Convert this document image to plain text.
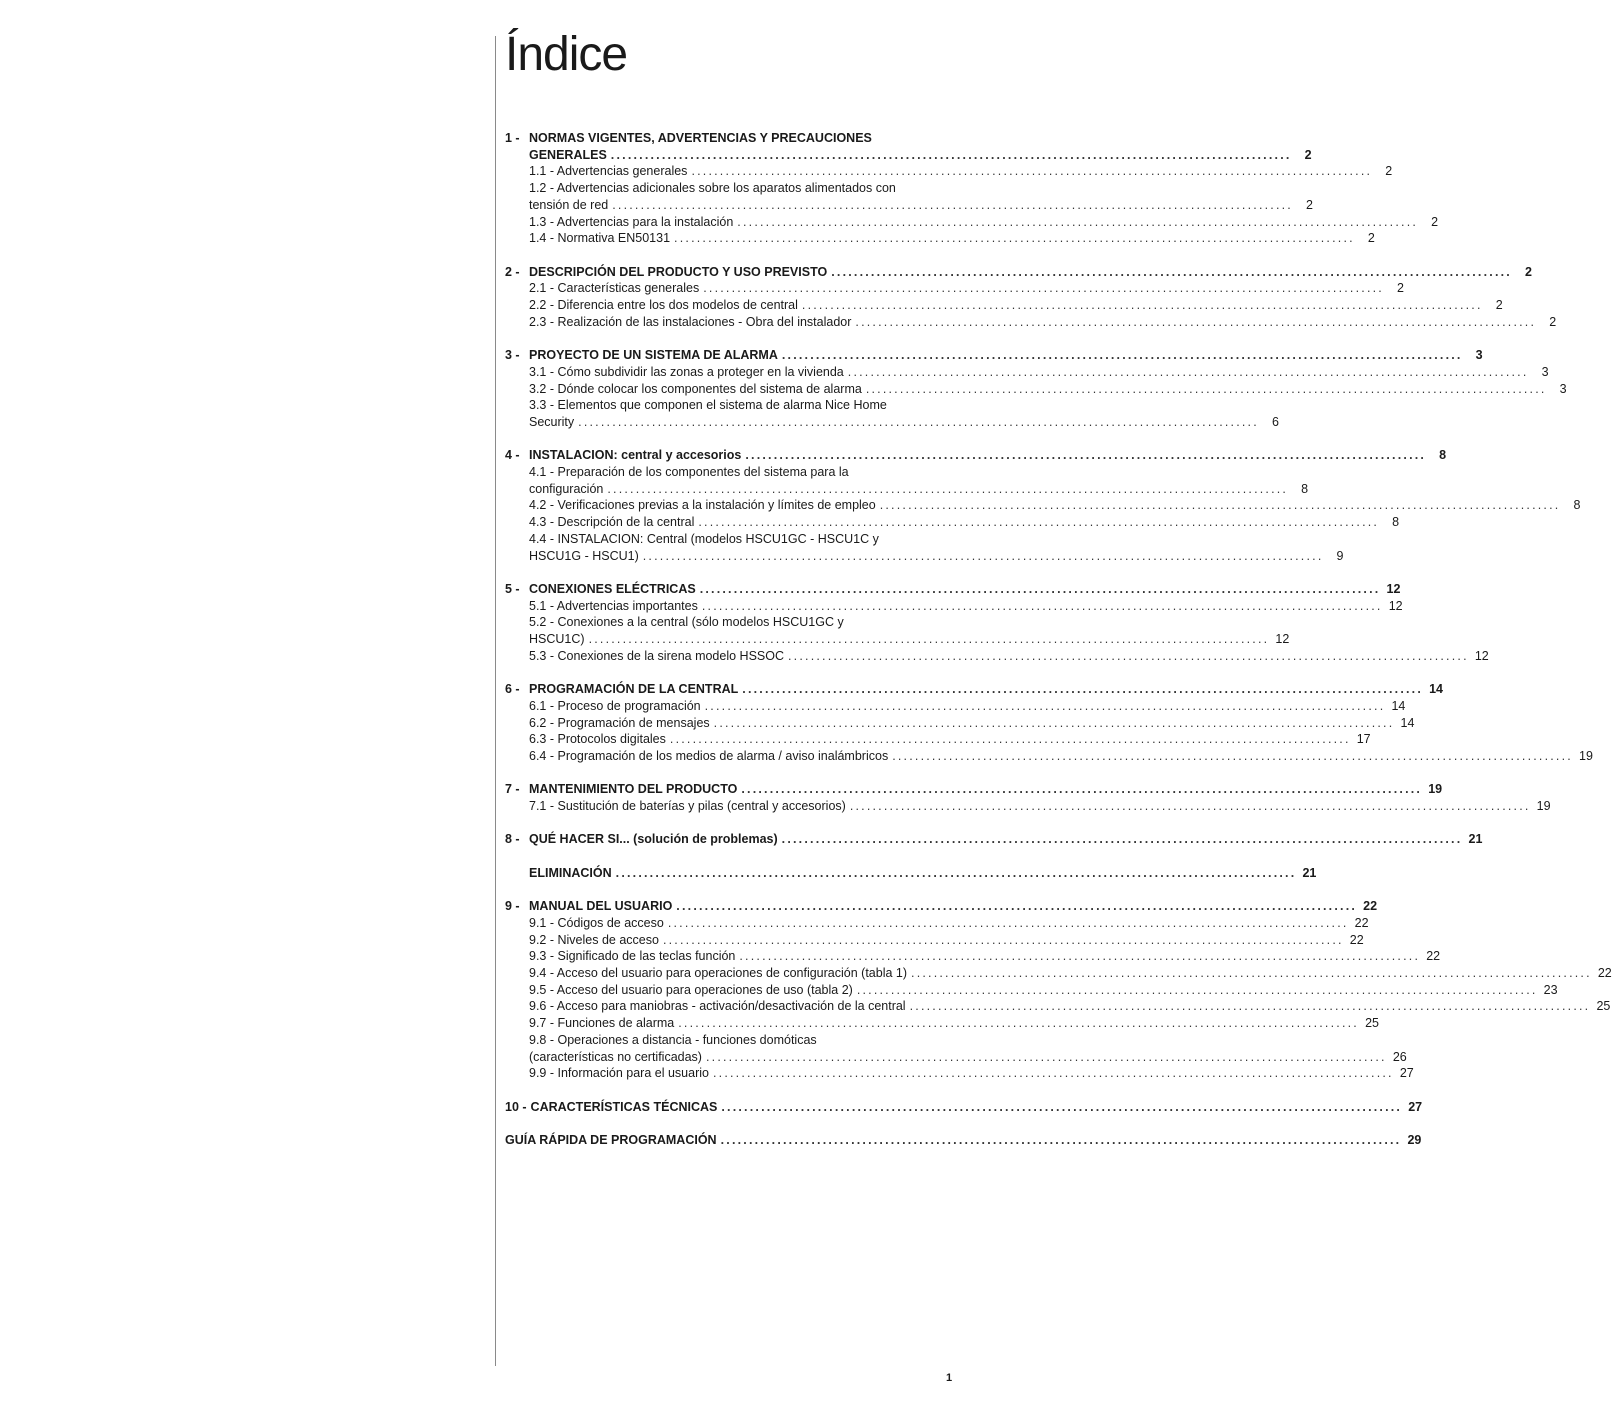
Índice
1 - NORMAS VIGENTES, ADVERTENCIAS Y PRECAUCIONES
GENERALES ........................................................................................................................	2
1.1 - Advertencias generales ........................................................................................................................	2
1.2 - Advertencias adicionales sobre los aparatos alimentados con
tensión de red ........................................................................................................................	2
1.3 - Advertencias para la instalación ........................................................................................................................	2
1.4 - Normativa EN50131 ........................................................................................................................	2
2 - DESCRIPCIÓN DEL PRODUCTO Y USO PREVISTO ........................................................................................................................	2
2.1 - Características generales ........................................................................................................................	2
2.2 - Diferencia entre los dos modelos de central ........................................................................................................................	2
2.3 - Realización de las instalaciones - Obra del instalador ........................................................................................................................	2
3 - PROYECTO DE UN SISTEMA DE ALARMA ........................................................................................................................	3
3.1 - Cómo subdividir las zonas a proteger en la vivienda ........................................................................................................................	3
3.2 - Dónde colocar los componentes del sistema de alarma ........................................................................................................................	3
3.3 - Elementos que componen el sistema de alarma Nice Home
Security ........................................................................................................................	6
4 - INSTALACION: central y accesorios ........................................................................................................................	8
4.1 - Preparación de los componentes del sistema para la
configuración ........................................................................................................................	8
4.2 - Verificaciones previas a la instalación y límites de empleo ........................................................................................................................	8
4.3 - Descripción de la central ........................................................................................................................	8
4.4 - INSTALACION: Central (modelos HSCU1GC - HSCU1C y
HSCU1G - HSCU1) ........................................................................................................................	9
5 - CONEXIONES ELÉCTRICAS ........................................................................................................................ 12
5.1 - Advertencias importantes ........................................................................................................................ 12
5.2 - Conexiones a la central (sólo modelos HSCU1GC y
HSCU1C) ........................................................................................................................ 12
5.3 - Conexiones de la sirena modelo HSSOC ........................................................................................................................ 12
6 - PROGRAMACIÓN DE LA CENTRAL ........................................................................................................................ 14
6.1 - Proceso de programación ........................................................................................................................ 14
6.2 - Programación de mensajes ........................................................................................................................ 14
6.3 - Protocolos digitales ........................................................................................................................ 17
6.4 - Programación de los medios de alarma / aviso inalámbricos ........................................................................................................................ 19
7 - MANTENIMIENTO DEL PRODUCTO ........................................................................................................................ 19
7.1 - Sustitución de baterías y pilas (central y accesorios) ........................................................................................................................ 19
8 - QUÉ HACER SI... (solución de problemas) ........................................................................................................................ 21
ELIMINACIÓN ........................................................................................................................ 21
9 - MANUAL DEL USUARIO ........................................................................................................................ 22
9.1 - Códigos de acceso ........................................................................................................................ 22
9.2 - Niveles de acceso ........................................................................................................................ 22
9.3 - Significado de las teclas función ........................................................................................................................ 22
9.4 - Acceso del usuario para operaciones de configuración (tabla 1) ........................................................................................................................ 22
9.5 - Acceso del usuario para operaciones de uso (tabla 2) ........................................................................................................................ 23
9.6 - Acceso para maniobras - activación/desactivación de la central ........................................................................................................................ 25
9.7 - Funciones de alarma ........................................................................................................................ 25
9.8 - Operaciones a distancia - funciones domóticas
(características no certificadas) ........................................................................................................................ 26
9.9 - Información para el usuario ........................................................................................................................ 27
10 - CARACTERÍSTICAS TÉCNICAS ........................................................................................................................ 27
GUÍA RÁPIDA DE PROGRAMACIÓN ........................................................................................................................ 29
1
